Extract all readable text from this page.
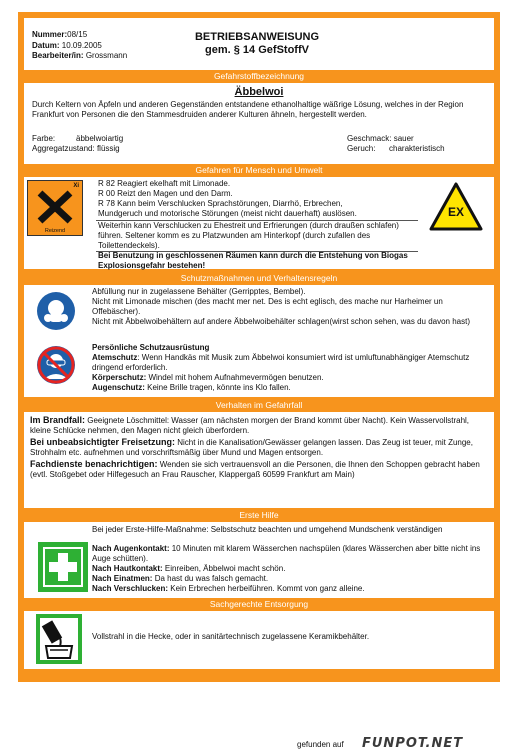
Nummer:08/15
Datum: 10.09.2005
Bearbeiter/in: Grossmann
BETRIEBSANWEISUNG
gem. § 14 GefStoffV
Gefahrstoffbezeichnung
Äbbelwoi
Durch Keltern von Äpfeln und anderen Gegenständen entstandene ethanolhaltige wäßrige Lösung, welches in der Region Frankfurt von Personen die den Stammesdruiden anderer Kulturen ähneln, hergestellt werden.
Farbe:	äbbelwoiartig
Aggregatzustand: flüssig
Geschmack: sauer
Geruch: charakteristisch
Gefahren für Mensch und Umwelt
Xi
Reizend
R 82 Reagiert ekelhaft mit Limonade.
R 00 Reizt den Magen und den Darm.
R 78 Kann beim Verschlucken Sprachstörungen, Diarrhö, Erbrechen,
Mundgeruch und motorische Störungen (meist nicht dauerhaft) auslösen.
Weiterhin kann Verschlucken zu Ehestreit und Erfrierungen (durch draußen schlafen) führen. Seltener komm es zu Platzwunden am Hinterkopf (durch zufallen des Toilettendeckels).
Bei Benutzung in geschlossenen Räumen kann durch die Entstehung von Biogas Explosionsgefahr bestehen!
EX
Schutzmaßnahmen und Verhaltensregeln
Abfüllung nur in zugelassene Behälter (Gerripptes, Bembel).
Nicht mit Limonade mischen (des macht mer net. Des is echt eglisch, des mache nur Harheimer un Offebäscher).
Nicht mit Äbbelwoibehältern auf andere Äbbelwoibehälter schlagen(wirst schon sehen, was du davon hast)
Persönliche Schutzausrüstung
Atemschutz: Wenn Handkäs mit Musik zum Äbbelwoi konsumiert wird ist umluftunabhängiger Atemschutz dringend erforderlich.
Körperschutz: Windel mit hohem Aufnahmevermögen benutzen.
Augenschutz: Keine Brille tragen, könnte ins Klo fallen.
Verhalten im Gefahrfall
Im Brandfall: Geeignete Löschmittel: Wasser (am nächsten morgen der Brand kommt über Nacht). Kein Wasservollstrahl, kleine Schlücke nehmen, den Magen nicht gleich überfordern.
Bei unbeabsichtigter Freisetzung: Nicht in die Kanalisation/Gewässer gelangen lassen. Das Zeug ist teuer, mit Zunge, Strohhalm etc. aufnehmen und vorschriftsmäßig über Mund und Magen entsorgen.
Fachdienste benachrichtigen: Wenden sie sich vertrauensvoll an die Personen, die Ihnen den Schoppen gebracht haben (evtl. Stoßgebet oder Hilfegesuch an Frau Rauscher, Klappergaß 60599 Frankfurt am Main)
Erste Hilfe
Bei jeder Erste-Hilfe-Maßnahme: Selbstschutz beachten und umgehend Mundschenk verständigen
Nach Augenkontakt: 10 Minuten mit klarem Wässerchen nachspülen (klares Wässerchen aber bitte nicht ins Auge schütten).
Nach Hautkontakt: Einreiben, Äbbelwoi macht schön.
Nach Einatmen: Da hast du was falsch gemacht.
Nach Verschlucken: Kein Erbrechen herbeiführen. Kommt von ganz alleine.
Sachgerechte Entsorgung
Vollstrahl in die Hecke, oder in sanitärtechnisch zugelassene Keramikbehälter.
gefunden auf FUNPOT.NET
